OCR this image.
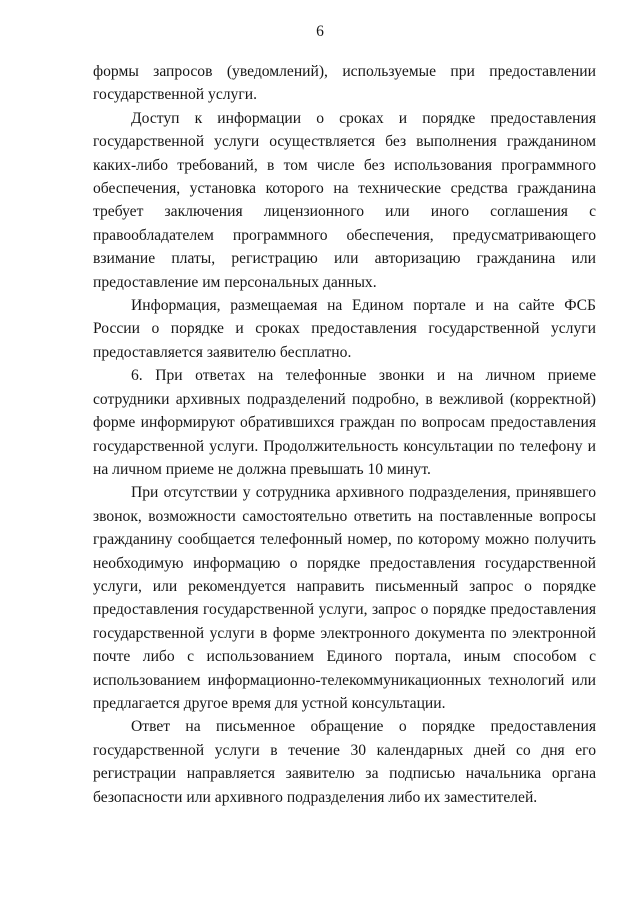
6

формы запросов (уведомлений), используемые при предоставлении государственной услуги.

Доступ к информации о сроках и порядке предоставления государственной услуги осуществляется без выполнения гражданином каких-либо требований, в том числе без использования программного обеспечения, установка которого на технические средства гражданина требует заключения лицензионного или иного соглашения с правообладателем программного обеспечения, предусматривающего взимание платы, регистрацию или авторизацию гражданина или предоставление им персональных данных.

Информация, размещаемая на Едином портале и на сайте ФСБ России о порядке и сроках предоставления государственной услуги предоставляется заявителю бесплатно.

6. При ответах на телефонные звонки и на личном приеме сотрудники архивных подразделений подробно, в вежливой (корректной) форме информируют обратившихся граждан по вопросам предоставления государственной услуги. Продолжительность консультации по телефону и на личном приеме не должна превышать 10 минут.

При отсутствии у сотрудника архивного подразделения, принявшего звонок, возможности самостоятельно ответить на поставленные вопросы гражданину сообщается телефонный номер, по которому можно получить необходимую информацию о порядке предоставления государственной услуги, или рекомендуется направить письменный запрос о порядке предоставления государственной услуги, запрос о порядке предоставления государственной услуги в форме электронного документа по электронной почте либо с использованием Единого портала, иным способом с использованием информационно-телекоммуникационных технологий или предлагается другое время для устной консультации.

Ответ на письменное обращение о порядке предоставления государственной услуги в течение 30 календарных дней со дня его регистрации направляется заявителю за подписью начальника органа безопасности или архивного подразделения либо их заместителей.
